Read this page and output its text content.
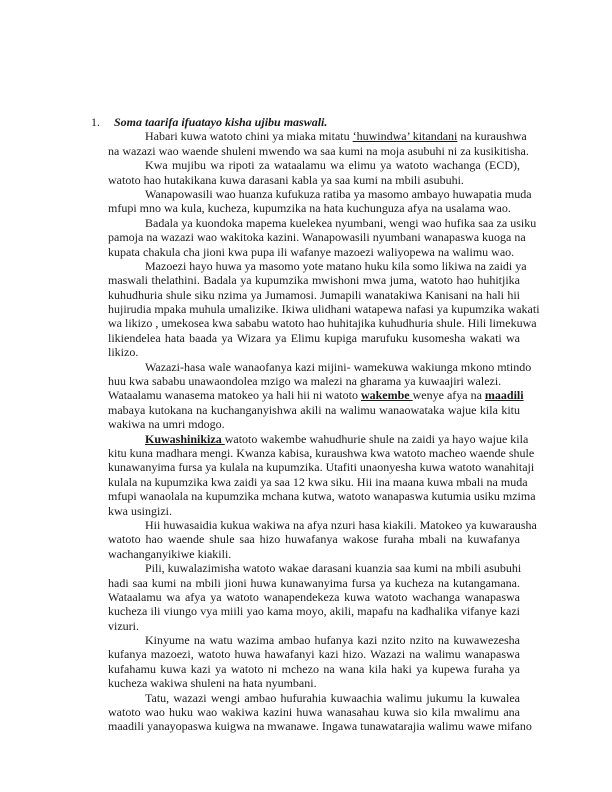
1. Soma taarifa ifuatayo kisha ujibu maswali.
Habari kuwa watoto chini ya miaka mitatu ‘huwindwa’ kitandani na kuraushwa
na wazazi wao waende shuleni mwendo wa saa kumi na moja asubuhi ni za kusikitisha.
Kwa mujibu wa ripoti za wataalamu wa elimu ya watoto wachanga (ECD),
watoto hao hutakikana kuwa darasani kabla ya saa kumi na mbili asubuhi.
Wanapowasili wao huanza kufukuza ratiba ya masomo ambayo huwapatia muda
mfupi mno wa kula, kucheza, kupumzika na hata kuchunguza afya na usalama wao.
Badala ya kuondoka mapema kuelekea nyumbani, wengi wao hufika saa za usiku
pamoja na wazazi wao wakitoka kazini. Wanapowasili nyumbani wanapaswa kuoga na
kupata chakula cha jioni kwa pupa ili wafanye mazoezi waliyopewa na walimu wao.
Mazoezi hayo huwa ya masomo yote matano huku kila somo likiwa na zaidi ya
maswali thelathini. Badala ya kupumzika mwishoni mwa juma, watoto hao huhitjika
kuhudhuria shule siku nzima ya Jumamosi. Jumapili wanatakiwa Kanisani na hali hii
hujirudia mpaka muhula umalizike. Ikiwa ulidhani watapewa nafasi ya kupumzika wakati
wa likizo , umekosea kwa sababu watoto hao huhitajika kuhudhuria shule. Hili limekuwa
likiendelea hata baada ya Wizara ya Elimu kupiga marufuku kusomesha wakati wa
likizo.
Wazazi-hasa wale wanaofanya kazi mijini- wamekuwa wakiunga mkono mtindo
huu kwa sababu unawaondolea mzigo wa malezi na gharama ya kuwaajiri walezi.
Wataalamu wanasema matokeo ya hali hii ni watoto wakembe wenye afya na maadili
mabaya kutokana na kuchanganyishwa akili na walimu wanaowataka wajue kila kitu
wakiwa na umri mdogo.
Kuwashinikiza watoto wakembe wahudhurie shule na zaidi ya hayo wajue kila
kitu kuna madhara mengi. Kwanza kabisa, kuraushwa kwa watoto macheo waende shule
kunawanyima fursa ya kulala na kupumzika. Utafiti unaonyesha kuwa watoto wanahitaji
kulala na kupumzika kwa zaidi ya saa 12 kwa siku. Hii ina maana kuwa mbali na muda
mfupi wanaolala na kupumzika mchana kutwa, watoto wanapaswa kutumia usiku mzima
kwa usingizi.
Hii huwasaidia kukua wakiwa na afya nzuri hasa kiakili. Matokeo ya kuwarausha
watoto hao waende shule saa hizo huwafanya wakose furaha mbali na kuwafanya
wachanganyikiwe kiakili.
Pili, kuwalazimisha watoto wakae darasani kuanzia saa kumi na mbili asubuhi
hadi saa kumi na mbili jioni huwa kunawanyima fursa ya kucheza na kutangamana.
Wataalamu wa afya ya watoto wanapendekeza kuwa watoto wachanga wanapaswa
kucheza ili viungo vya miili yao kama moyo, akili, mapafu na kadhalika vifanye kazi
vizuri.
Kinyume na watu wazima ambao hufanya kazi nzito nzito na kuwawezesha
kufanya mazoezi, watoto huwa hawafanyi kazi hizo. Wazazi na walimu wanapaswa
kufahamu kuwa kazi ya watoto ni mchezo na wana kila haki ya kupewa furaha ya
kucheza wakiwa shuleni na hata nyumbani.
Tatu, wazazi wengi ambao hufurahia kuwaachia walimu jukumu la kuwalea
watoto wao huku wao wakiwa kazini huwa wanasahau kuwa sio kila mwalimu ana
maadili yanayopaswa kuigwa na mwanawe. Ingawa tunawatarajia walimu wawe mifano
